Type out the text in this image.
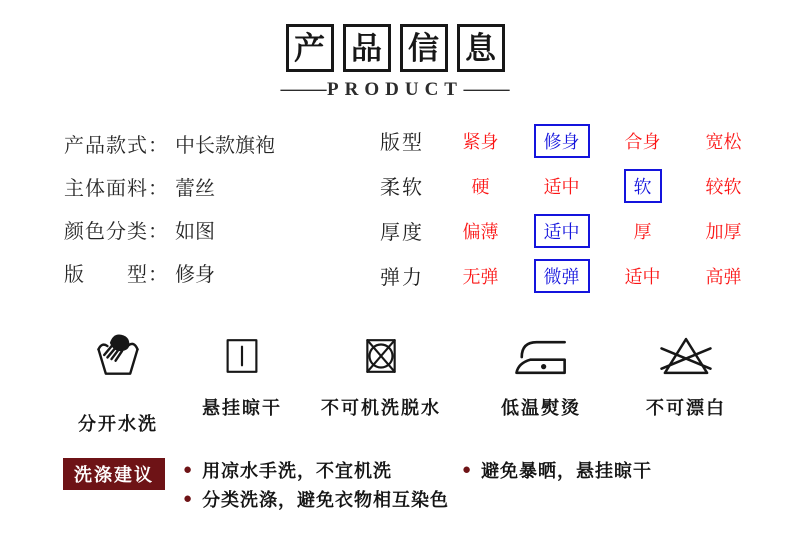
产 品 信 息
—PRODUCT—
产品款式： 中长款旗袍
主体面料： 蕾丝
颜色分类： 如图
版　　型： 修身
版型	紧身	修身	合身	宽松
柔软	硬	适中	软	较软
厚度	偏薄	适中	厚	加厚
弹力	无弹	微弹	适中	高弹
分开水洗
悬挂晾干 不可机洗脱水	低温熨烫	不可漂白
洗涤建议	● 用凉水手洗，不宜机洗
● 分类洗涤，避免衣物相互染色
● 避免暴晒，悬挂晾干
